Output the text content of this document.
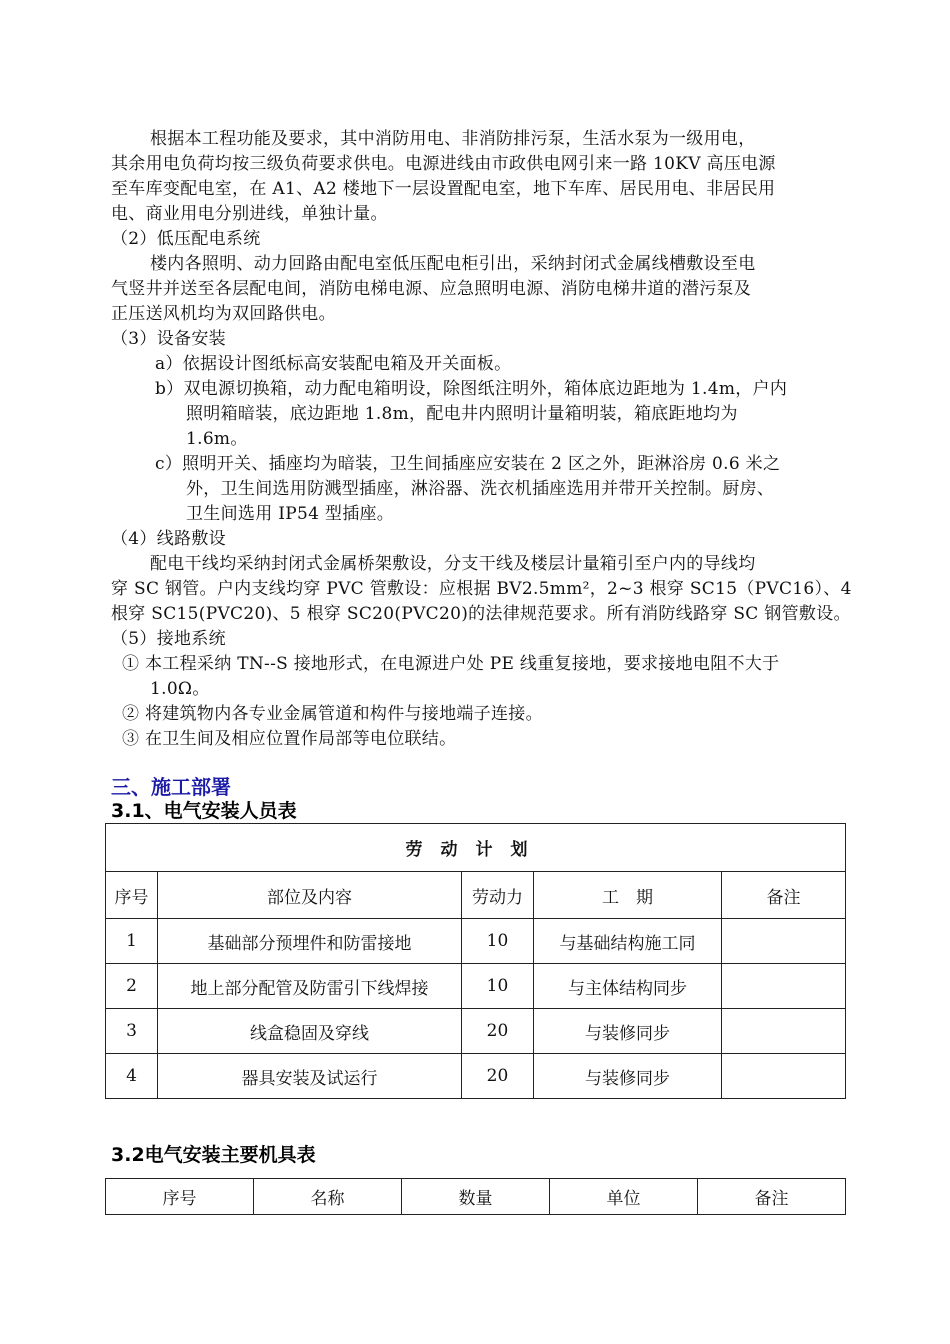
根据本工程功能及要求，其中消防用电、非消防排污泵，生活水泵为一级用电，
其余用电负荷均按三级负荷要求供电。电源进线由市政供电网引来一路 10KV 高压电源
至车库变配电室，在 A1、A2 楼地下一层设置配电室，地下车库、居民用电、非居民用
电、商业用电分别进线，单独计量。
（2）低压配电系统
楼内各照明、动力回路由配电室低压配电柜引出，采纳封闭式金属线槽敷设至电
气竖井并送至各层配电间，消防电梯电源、应急照明电源、消防电梯井道的潜污泵及
正压送风机均为双回路供电。
（3）设备安装
a）依据设计图纸标高安装配电箱及开关面板。
b）双电源切换箱，动力配电箱明设，除图纸注明外，箱体底边距地为 1.4m，户内
照明箱暗装，底边距地 1.8m，配电井内照明计量箱明装，箱底距地均为
1.6m。
c）照明开关、插座均为暗装，卫生间插座应安装在 2 区之外，距淋浴房 0.6 米之
外，卫生间选用防溅型插座，淋浴器、洗衣机插座选用并带开关控制。厨房、
卫生间选用 IP54 型插座。
（4）线路敷设
配电干线均采纳封闭式金属桥架敷设，分支干线及楼层计量箱引至户内的导线均
穿 SC 钢管。户内支线均穿 PVC 管敷设：应根据 BV2.5mm²，2~3 根穿 SC15（PVC16）、4
根穿 SC15(PVC20)、5 根穿 SC20(PVC20)的法律规范要求。所有消防线路穿 SC 钢管敷设。
（5）接地系统
① 本工程采纳 TN--S 接地形式，在电源进户处 PE 线重复接地，要求接地电阻不大于
1.0Ω。
② 将建筑物内各专业金属管道和构件与接地端子连接。
③ 在卫生间及相应位置作局部等电位联结。
三、施工部署
3.1、电气安装人员表
劳动计划				
序号	部位及内容	劳动力	工　期	备注
1	基础部分预埋件和防雷接地	10	与基础结构施工同	
2	地上部分配管及防雷引下线焊接	10	与主体结构同步	
3	线盒稳固及穿线	20	与装修同步	
4	器具安装及试运行	20	与装修同步	
3.2电气安装主要机具表
序号	名称	数量	单位	备注
